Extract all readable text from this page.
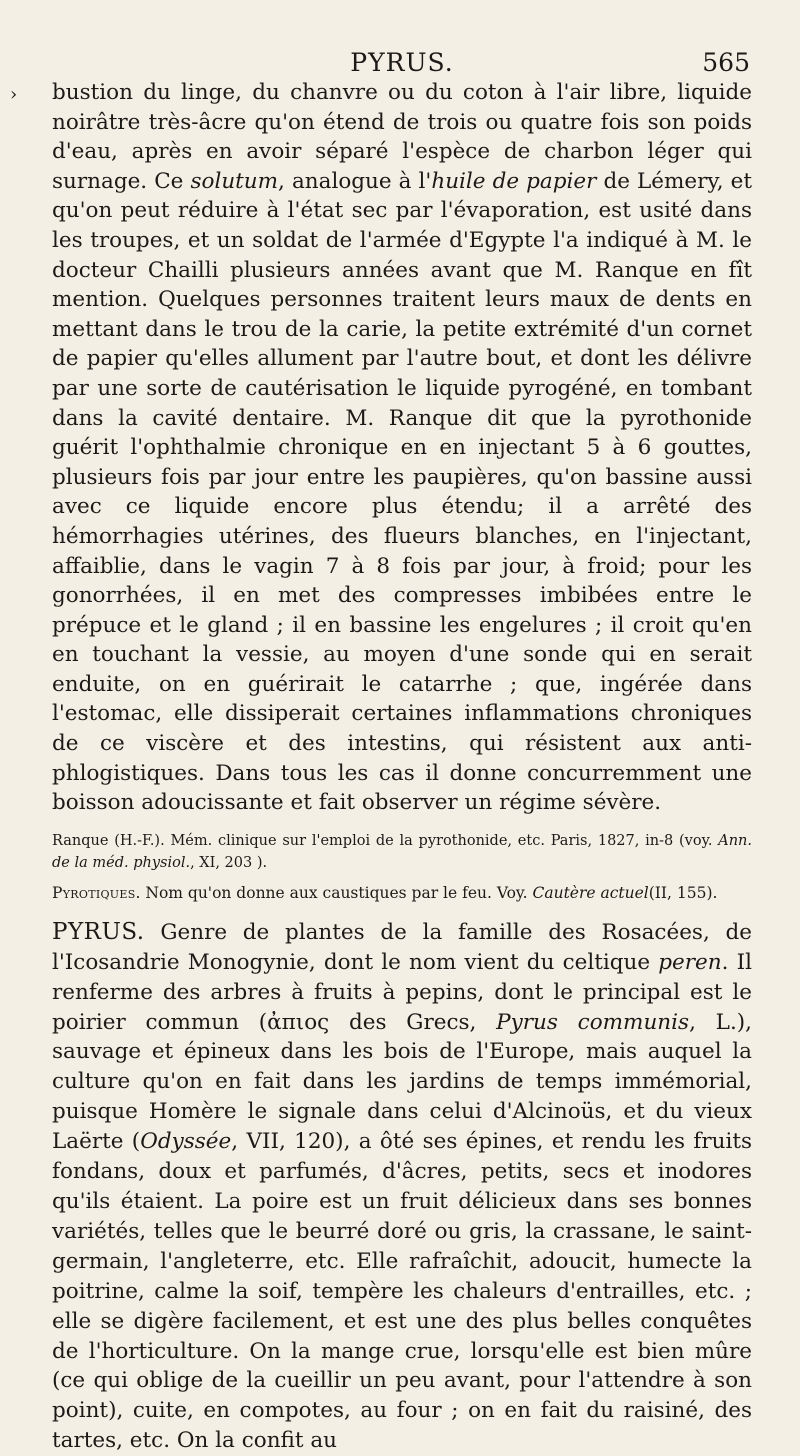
PYRUS.	565
› bustion du linge, du chanvre ou du coton à l'air libre, liquide noirâtre très-âcre qu'on étend de trois ou quatre fois son poids d'eau, après en avoir séparé l'espèce de charbon léger qui surnage. Ce solutum, analogue à l'huile de papier de Lémery, et qu'on peut réduire à l'état sec par l'évaporation, est usité dans les troupes, et un soldat de l'armée d'Egypte l'a indiqué à M. le docteur Chailli plusieurs années avant que M. Ranque en fît mention. Quelques personnes traitent leurs maux de dents en mettant dans le trou de la carie, la petite extrémité d'un cornet de papier qu'elles allument par l'autre bout, et dont les délivre par une sorte de cautérisation le liquide pyrogéné, en tombant dans la cavité dentaire. M. Ranque dit que la pyrothonide guérit l'ophthalmie chronique en en injectant 5 à 6 gouttes, plusieurs fois par jour entre les paupières, qu'on bassine aussi avec ce liquide encore plus étendu; il a arrêté des hémorrhagies utérines, des flueurs blanches, en l'injectant, affaiblie, dans le vagin 7 à 8 fois par jour, à froid; pour les gonorrhées, il en met des compresses imbibées entre le prépuce et le gland ; il en bassine les engelures ; il croit qu'en en touchant la vessie, au moyen d'une sonde qui en serait enduite, on en guérirait le catarrhe ; que, ingérée dans l'estomac, elle dissiperait certaines inflammations chroniques de ce viscère et des intestins, qui résistent aux anti-phlogistiques. Dans tous les cas il donne concurremment une boisson adoucissante et fait observer un régime sévère.

Ranque (H.-F.). Mém. clinique sur l'emploi de la pyrothonide, etc. Paris, 1827, in-8 (voy. Ann. de la méd. physiol., XI, 203 ).

Pyrotiques. Nom qu'on donne aux caustiques par le feu. Voy. Cautère actuel(II, 155).

PYRUS. Genre de plantes de la famille des Rosacées, de l'Icosandrie Monogynie, dont le nom vient du celtique peren. Il renferme des arbres à fruits à pepins, dont le principal est le poirier commun (ἀπιος des Grecs, Pyrus communis, L.), sauvage et épineux dans les bois de l'Europe, mais auquel la culture qu'on en fait dans les jardins de temps immémorial, puisque Homère le signale dans celui d'Alcinoüs, et du vieux Laërte (Odyssée, VII, 120), a ôté ses épines, et rendu les fruits fondans, doux et parfumés, d'âcres, petits, secs et inodores qu'ils étaient. La poire est un fruit délicieux dans ses bonnes variétés, telles que le beurré doré ou gris, la crassane, le saint-germain, l'angleterre, etc. Elle rafraîchit, adoucit, humecte la poitrine, calme la soif, tempère les chaleurs d'entrailles, etc. ; elle se digère facilement, et est une des plus belles conquêtes de l'horticulture. On la mange crue, lorsqu'elle est bien mûre (ce qui oblige de la cueillir un peu avant, pour l'attendre à son point), cuite, en compotes, au four ; on en fait du raisiné, des tartes, etc. On la confit au
